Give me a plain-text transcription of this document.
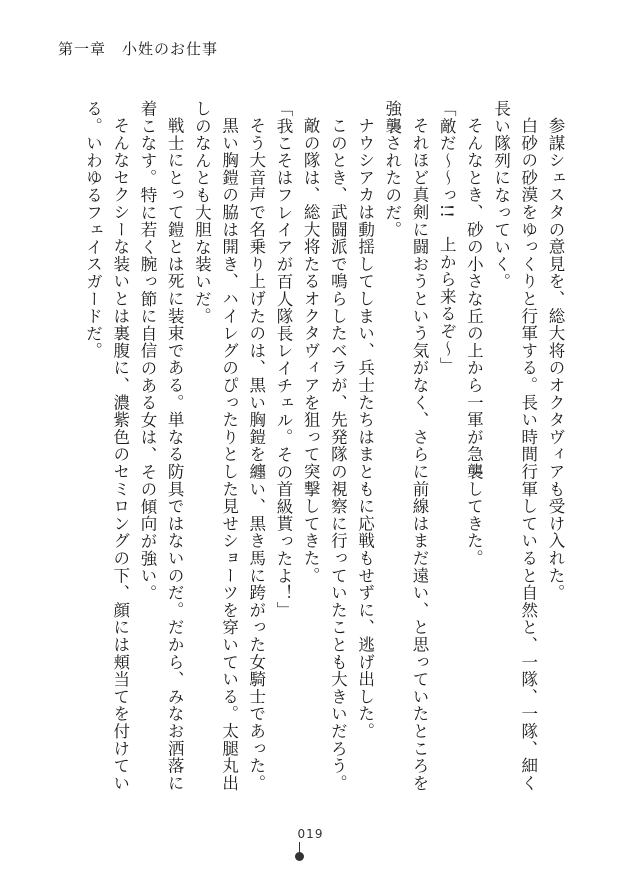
第一章　小姓のお仕事

参謀シェスタの意見を、総大将のオクタヴィアも受け入れた。

白砂の砂漠をゆっくりと行軍する。長い時間行軍していると自然と、一隊、一隊、細く長い隊列になっていく。

そんなとき、砂の小さな丘の上から一軍が急襲してきた。

「敵だ〜〜っ!!　上から来るぞ〜」

それほど真剣に闘おうという気がなく、さらに前線はまだ遠い、と思っていたところを強襲されたのだ。

ナウシアカは動揺してしまい、兵士たちはまともに応戦もせずに、逃げ出した。

このとき、武闘派で鳴らしたベラが、先発隊の視察に行っていたことも大きいだろう。

敵の隊は、総大将たるオクタヴィアを狙って突撃してきた。

「我こそはフレイアが百人隊長レイチェル。その首級貰ったよ！」

そう大音声で名乗り上げたのは、黒い胸鎧を纏い、黒き馬に跨がった女騎士であった。

黒い胸鎧の脇は開き、ハイレグのぴったりとした見せショーツを穿いている。太腿丸出しのなんとも大胆な装いだ。

戦士にとって鎧とは死に装束である。単なる防具ではないのだ。だから、みなお洒落に着こなす。特に若く腕っ節に自信のある女は、その傾向が強い。

そんなセクシーな装いとは裏腹に、濃紫色のセミロングの下、顔には頬当てを付けている。いわゆるフェイスガードだ。

019
